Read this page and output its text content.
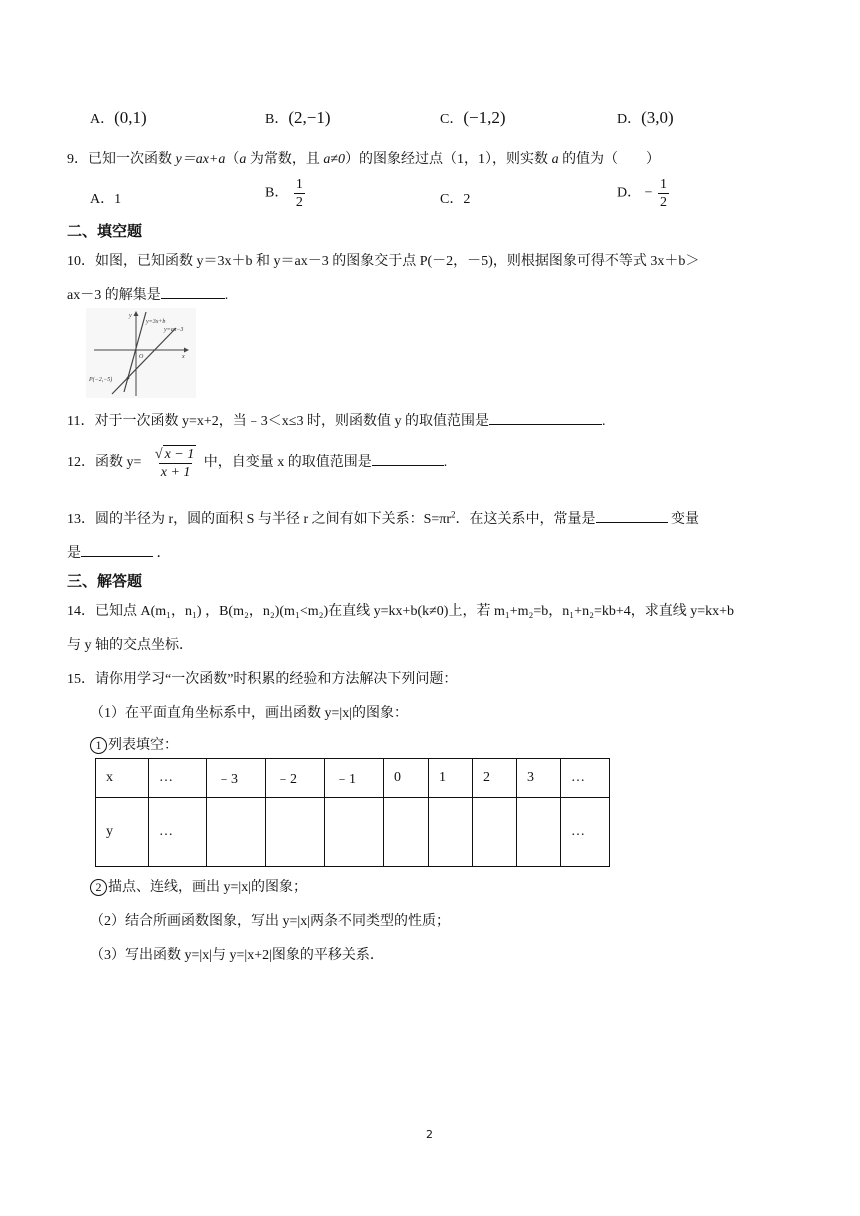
A．(0,1)	B．(2,−1)	C．(−1,2)	D．(3,0)
9．已知一次函数 y＝ax+a（a 为常数，且 a≠0）的图象经过点（1，1），则实数 a 的值为（　　）
A．1	B． $\frac{1}{2}$	C．2	D． − $\frac{1}{2}$
二、填空题
10．如图，已知函数 y＝3x＋b 和 y＝ax－3 的图象交于点 P(－2，－5)，则根据图象可得不等式 3x＋b＞
ax－3 的解集是	.
y
x
O
y=3x+b
y=ax−3
P(−2,−5)
11．对于一次函数 y=x+2，当﹣3＜x≤3 时，则函数值 y 的取值范围是	.
12．函数 $y= \frac{√ x - 1}{x + 1}$ 中，自变量 x 的取值范围是	.
13．圆的半径为 r，圆的面积 S 与半径 r 之间有如下关系：$S=\pi r^2$．在这关系中，常量是	变量
是	．
三、解答题
14．已知点 A(m₁，n₁) ，B(m₂，n₂)(m₁<m₂)在直线 y=kx+b(k≠0)上，若 m₁+m₂=b，n₁+n₂=kb+4，求直线 y=kx+b
与 y 轴的交点坐标．
15．请你用学习“一次函数”时积累的经验和方法解决下列问题：
（1）在平面直角坐标系中，画出函数 y=|x|的图象：
1 列表填空：
x	…	﹣3	﹣2	﹣1	0	1	2	3	…
y	…								…
2 描点、连线，画出 y=|x|的图象；
（2）结合所画函数图象，写出 y=|x|两条不同类型的性质；
（3）写出函数 y=|x|与 y=|x+2|图象的平移关系．
2
